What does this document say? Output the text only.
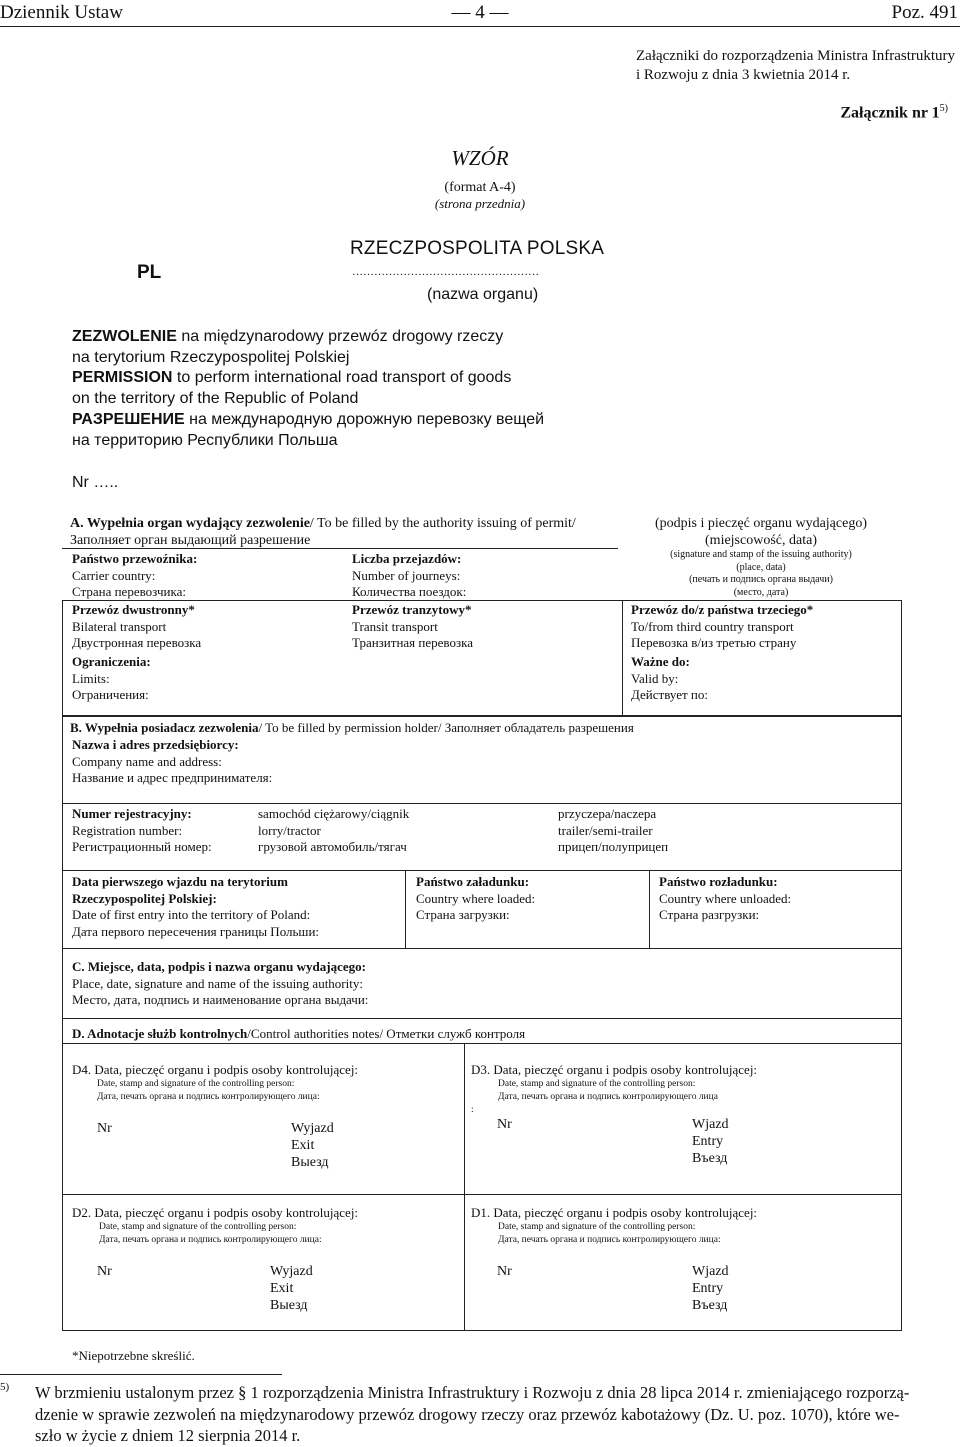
Dziennik Ustaw	— 4 —	Poz. 491
Załączniki do rozporządzenia Ministra Infrastruktury
i Rozwoju z dnia 3 kwietnia 2014 r.
Załącznik nr 1$^{5)}$
WZÓR
(format A-4)
(strona przednia)
PL
RZECZPOSPOLITA POLSKA
……………………………………………
(nazwa organu)
ZEZWOLENIE na międzynarodowy przewóz drogowy rzeczy
na terytorium Rzeczypospolitej Polskiej
PERMISSION to perform international road transport of goods
on the territory of the Republic of Poland
РАЗРЕШЕНИЕ на международную дорожную перевозку вещей
на территорию Республики Польша
Nr …..
A. Wypełnia organ wydający zezwolenie/ To be filled by the authority issuing of permit/
Заполняет орган выдающий разрешение
(podpis i pieczęć organu wydającego)
(miejscowość, data)
(signature and stamp of the issuing authority)
(place, data)
(печать и подпись органа выдачи)
(место, дата)
Państwo przewoźnika:
Carrier country:
Страна перевозчика:
Liczba przejazdów:
Number of journeys:
Количества поездок:
Przewóz dwustronny*
Bilateral transport
Двустронная перевозка
Przewóz tranzytowy*
Transit transport
Транзитная перевозка
Przewóz do/z państwa trzeciego*
To/from third country transport
Перевозка в/из третью страну
Ograniczenia:
Limits:
Ограничения:
Ważne do:
Valid by:
Действует по:
B. Wypełnia posiadacz zezwolenia/ To be filled by permission holder/ Заполняет обладатель разрешения
Nazwa i adres przedsiębiorcy:
Company name and address:
Название и адрес предпринимателя:
Numer rejestracyjny:
Registration number:
Регистрационный номер:
samochód ciężarowy/ciągnik
lorry/tractor
грузовой автомобиль/тягач
przyczepa/naczepa
trailer/semi-trailer
прицеп/полуприцеп
Data pierwszego wjazdu na terytorium
Rzeczypospolitej Polskiej:
Date of first entry into the territory of Poland:
Дата первого пересечения границы Польши:
Państwo załadunku:
Country where loaded:
Страна загрузки:
Państwo rozładunku:
Country where unloaded:
Страна разгрузки:
C. Miejsce, data, podpis i nazwa organu wydającego:
Place, date, signature and name of the issuing authority:
Место, дата, подпись и наименование органа выдачи:
D. Adnotacje służb kontrolnych/Control authorities notes/ Отметки служб контроля
D4. Data, pieczęć organu i podpis osoby kontrolującej:
Date, stamp and signature of the controlling person:
Дата, печать органа и подпись контролирующего лица:
Nr	Wyjazd
Exit
Выезд
D3. Data, pieczęć organu i podpis osoby kontrolującej:
Date, stamp and signature of the controlling person:
Дата, печать органа и подпись контролирующего лица
:
Nr	Wjazd
Entry
Въезд
D2. Data, pieczęć organu i podpis osoby kontrolującej:
Date, stamp and signature of the controlling person:
Дата, печать органа и подпись контролирующего лица:
Nr	Wyjazd
Exit
Выезд
D1. Data, pieczęć organu i podpis osoby kontrolującej:
Date, stamp and signature of the controlling person:
Дата, печать органа и подпись контролирующего лица:
Nr	Wjazd
Entry
Въезд
*Niepotrzebne skreślić.
5) W brzmieniu ustalonym przez § 1 rozporządzenia Ministra Infrastruktury i Rozwoju z dnia 28 lipca 2014 r. zmieniającego rozporzą-
dzenie w sprawie zezwoleń na międzynarodowy przewóz drogowy rzeczy oraz przewóz kabotażowy (Dz. U. poz. 1070), które we-
szło w życie z dniem 12 sierpnia 2014 r.
